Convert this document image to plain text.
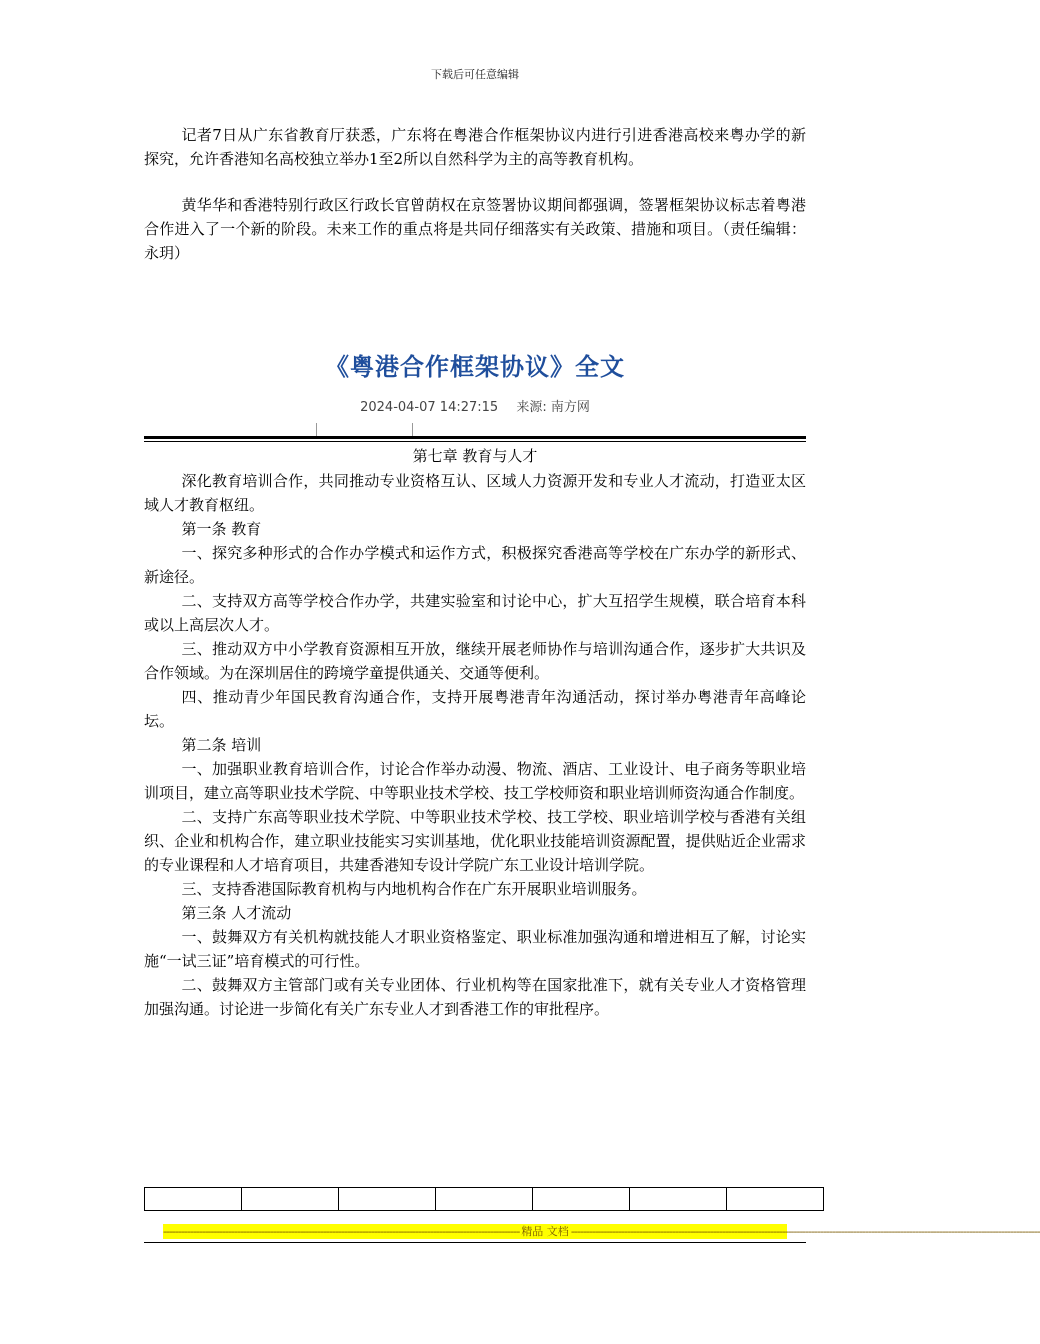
下载后可任意编辑

记者7日从广东省教育厅获悉，广东将在粤港合作框架协议内进行引进香港高校来粤办学的新探究，允许香港知名高校独立举办1至2所以自然科学为主的高等教育机构。

黄华华和香港特别行政区行政长官曾荫权在京签署协议期间都强调，签署框架协议标志着粤港合作进入了一个新的阶段。未来工作的重点将是共同仔细落实有关政策、措施和项目。（责任编辑：永玥）

《粤港合作框架协议》全文
2024-04-07 14:27:15 来源: 南方网
第七章 教育与人才

深化教育培训合作，共同推动专业资格互认、区域人力资源开发和专业人才流动，打造亚太区域人才教育枢纽。

第一条 教育

一、探究多种形式的合作办学模式和运作方式，积极探究香港高等学校在广东办学的新形式、新途径。

二、支持双方高等学校合作办学，共建实验室和讨论中心，扩大互招学生规模，联合培育本科或以上高层次人才。

三、推动双方中小学教育资源相互开放，继续开展老师协作与培训沟通合作，逐步扩大共识及合作领域。为在深圳居住的跨境学童提供通关、交通等便利。

四、推动青少年国民教育沟通合作，支持开展粤港青年沟通活动，探讨举办粤港青年高峰论坛。

第二条 培训

一、加强职业教育培训合作，讨论合作举办动漫、物流、酒店、工业设计、电子商务等职业培训项目，建立高等职业技术学院、中等职业技术学校、技工学校师资和职业培训师资沟通合作制度。

二、支持广东高等职业技术学院、中等职业技术学校、技工学校、职业培训学校与香港有关组织、企业和机构合作，建立职业技能实习实训基地，优化职业技能培训资源配置，提供贴近企业需求的专业课程和人才培育项目，共建香港知专设计学院广东工业设计培训学院。

三、支持香港国际教育机构与内地机构合作在广东开展职业培训服务。

第三条 人才流动

一、鼓舞双方有关机构就技能人才职业资格鉴定、职业标准加强沟通和增进相互了解，讨论实施“一试三证”培育模式的可行性。

二、鼓舞双方主管部门或有关专业团体、行业机构等在国家批准下，就有关专业人才资格管理加强沟通。讨论进一步简化有关广东专业人才到香港工作的审批程序。

------------------------------------------------------------------------------------------------------------------------ 精品 文档 --------------------------------------------------------------------------------------------------------------------------------------------------------------
